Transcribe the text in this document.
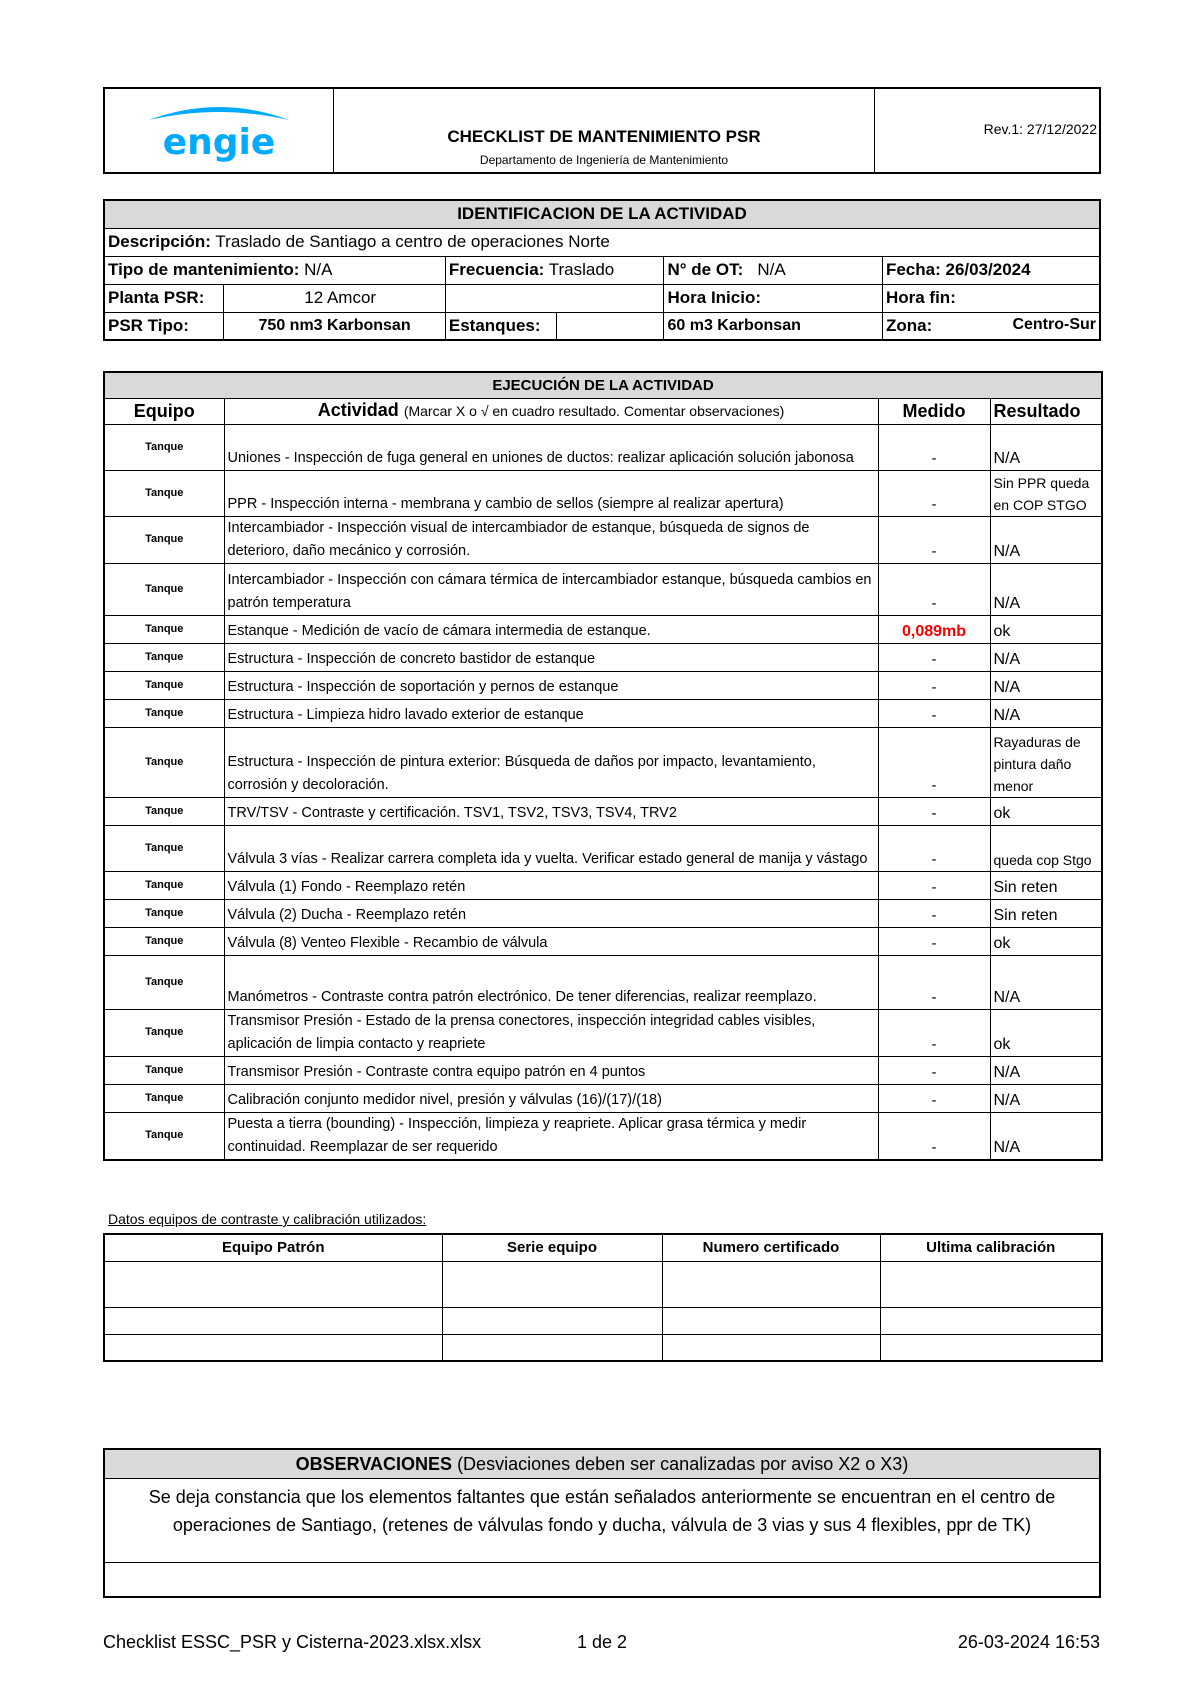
engie	CHECKLIST DE MANTENIMIENTO PSR
Departamento de Ingeniería de Mantenimiento
Rev.1: 27/12/2022
IDENTIFICACION DE LA ACTIVIDAD				
Descripción: Traslado de Santiago a centro de operaciones Norte				
Tipo de mantenimiento: N/A		Frecuencia: Traslado	N° de OT: N/A	Fecha: 26/03/2024
Planta PSR:	12 Amcor		Hora Inicio:	Hora fin:
PSR Tipo:	750 nm3 Karbonsan	Estanques:	60 m3 Karbonsan	Zona: Centro-Sur
EJECUCIÓN DE LA ACTIVIDAD			
Equipo	Actividad (Marcar X o √ en cuadro resultado. Comentar observaciones)	Medido	Resultado
Tanque	Uniones - Inspección de fuga general en uniones de ductos: realizar aplicación solución jabonosa	-	N/A
Tanque	PPR - Inspección interna - membrana y cambio de sellos (siempre al realizar apertura)	-	Sin PPR queda en COP STGO
Tanque	Intercambiador - Inspección visual de intercambiador de estanque, búsqueda de signos de deterioro, daño mecánico y corrosión.	-	N/A
Tanque	Intercambiador - Inspección con cámara térmica de intercambiador estanque, búsqueda cambios en patrón temperatura	-	N/A
Tanque	Estanque - Medición de vacío de cámara intermedia de estanque.	0,089mb	ok
Tanque	Estructura - Inspección de concreto bastidor de estanque	-	N/A
Tanque	Estructura - Inspección de soportación y pernos de estanque	-	N/A
Tanque	Estructura - Limpieza hidro lavado exterior de estanque	-	N/A
Tanque	Estructura - Inspección de pintura exterior: Búsqueda de daños por impacto, levantamiento, corrosión y decoloración.	-	Rayaduras de pintura daño menor
Tanque	TRV/TSV - Contraste y certificación. TSV1, TSV2, TSV3, TSV4, TRV2	-	ok
Tanque	Válvula 3 vías - Realizar carrera completa ida y vuelta. Verificar estado general de manija y vástago	-	queda cop Stgo
Tanque	Válvula (1) Fondo - Reemplazo retén	-	Sin reten
Tanque	Válvula (2) Ducha - Reemplazo retén	-	Sin reten
Tanque	Válvula (8) Venteo Flexible - Recambio de válvula	-	ok
Tanque	Manómetros - Contraste contra patrón electrónico. De tener diferencias, realizar reemplazo.	-	N/A
Tanque	Transmisor Presión - Estado de la prensa conectores, inspección integridad cables visibles, aplicación de limpia contacto y reapriete	-	ok
Tanque	Transmisor Presión - Contraste contra equipo patrón en 4 puntos	-	N/A
Tanque	Calibración conjunto medidor nivel, presión y válvulas (16)/(17)/(18)	-	N/A
Tanque	Puesta a tierra (bounding) - Inspección, limpieza y reapriete. Aplicar grasa térmica y medir continuidad. Reemplazar de ser requerido	-	N/A
Datos equipos de contraste y calibración utilizados:
Equipo Patrón	Serie equipo	Numero certificado	Ultima calibración

OBSERVACIONES (Desviaciones deben ser canalizadas por aviso X2 o X3)
Se deja constancia que los elementos faltantes que están señalados anteriormente se encuentran en el centro de operaciones de Santiago, (retenes de válvulas fondo y ducha, válvula de 3 vias y sus 4 flexibles, ppr de TK)
Checklist ESSC_PSR y Cisterna-2023.xlsx.xlsx	1 de 2	26-03-2024 16:53
